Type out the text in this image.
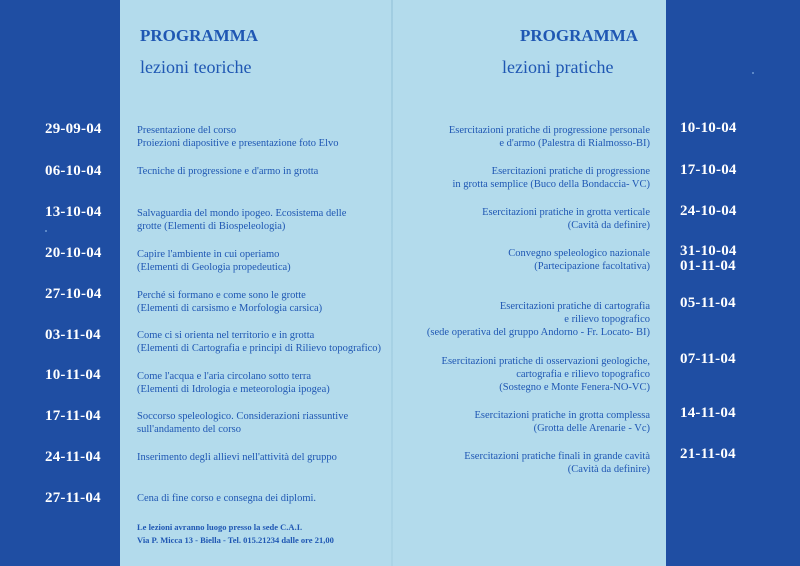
PROGRAMMA
lezioni teoriche
PROGRAMMA
lezioni pratiche
29-09-04
06-10-04
13-10-04
20-10-04
27-10-04
03-11-04
10-11-04
17-11-04
24-11-04
27-11-04
Presentazione del corso
Proiezioni diapositive e presentazione foto Elvo
Tecniche di progressione e d'armo in grotta
Salvaguardia del mondo ipogeo. Ecosistema delle
grotte (Elementi di Biospeleologia)
Capire l'ambiente in cui operiamo
(Elementi di Geologia propedeutica)
Perché si formano e come sono le grotte
(Elementi di carsismo e Morfologia carsica)
Come ci si orienta nel territorio e in grotta
(Elementi di Cartografia e principi di Rilievo topografico)
Come l'acqua e l'aria circolano sotto terra
(Elementi di Idrologia e meteorologia ipogea)
Soccorso speleologico. Considerazioni riassuntive
sull'andamento del corso
Inserimento degli allievi nell'attività del gruppo
Cena di fine corso e consegna dei diplomi.
Le lezioni avranno luogo presso la sede C.A.I.
Via P. Micca 13 - Biella - Tel. 015.21234 dalle ore 21,00
Esercitazioni pratiche di progressione personale
e d'armo (Palestra di Rialmosso-BI)
Esercitazioni pratiche di progressione
in grotta semplice (Buco della Bondaccia- VC)
Esercitazioni pratiche in grotta verticale
(Cavità da definire)
Convegno speleologico nazionale
(Partecipazione facoltativa)
Esercitazioni pratiche di cartografia
e rilievo topografico
(sede operativa del gruppo Andorno - Fr. Locato- BI)
Esercitazioni pratiche di osservazioni geologiche,
cartografia e rilievo topografico
(Sostegno e Monte Fenera-NO-VC)
Esercitazioni pratiche in grotta complessa
(Grotta delle Arenarie - Vc)
Esercitazioni pratiche finali in grande cavità
(Cavità da definire)
10-10-04
17-10-04
24-10-04
31-10-04
01-11-04
05-11-04
07-11-04
14-11-04
21-11-04
